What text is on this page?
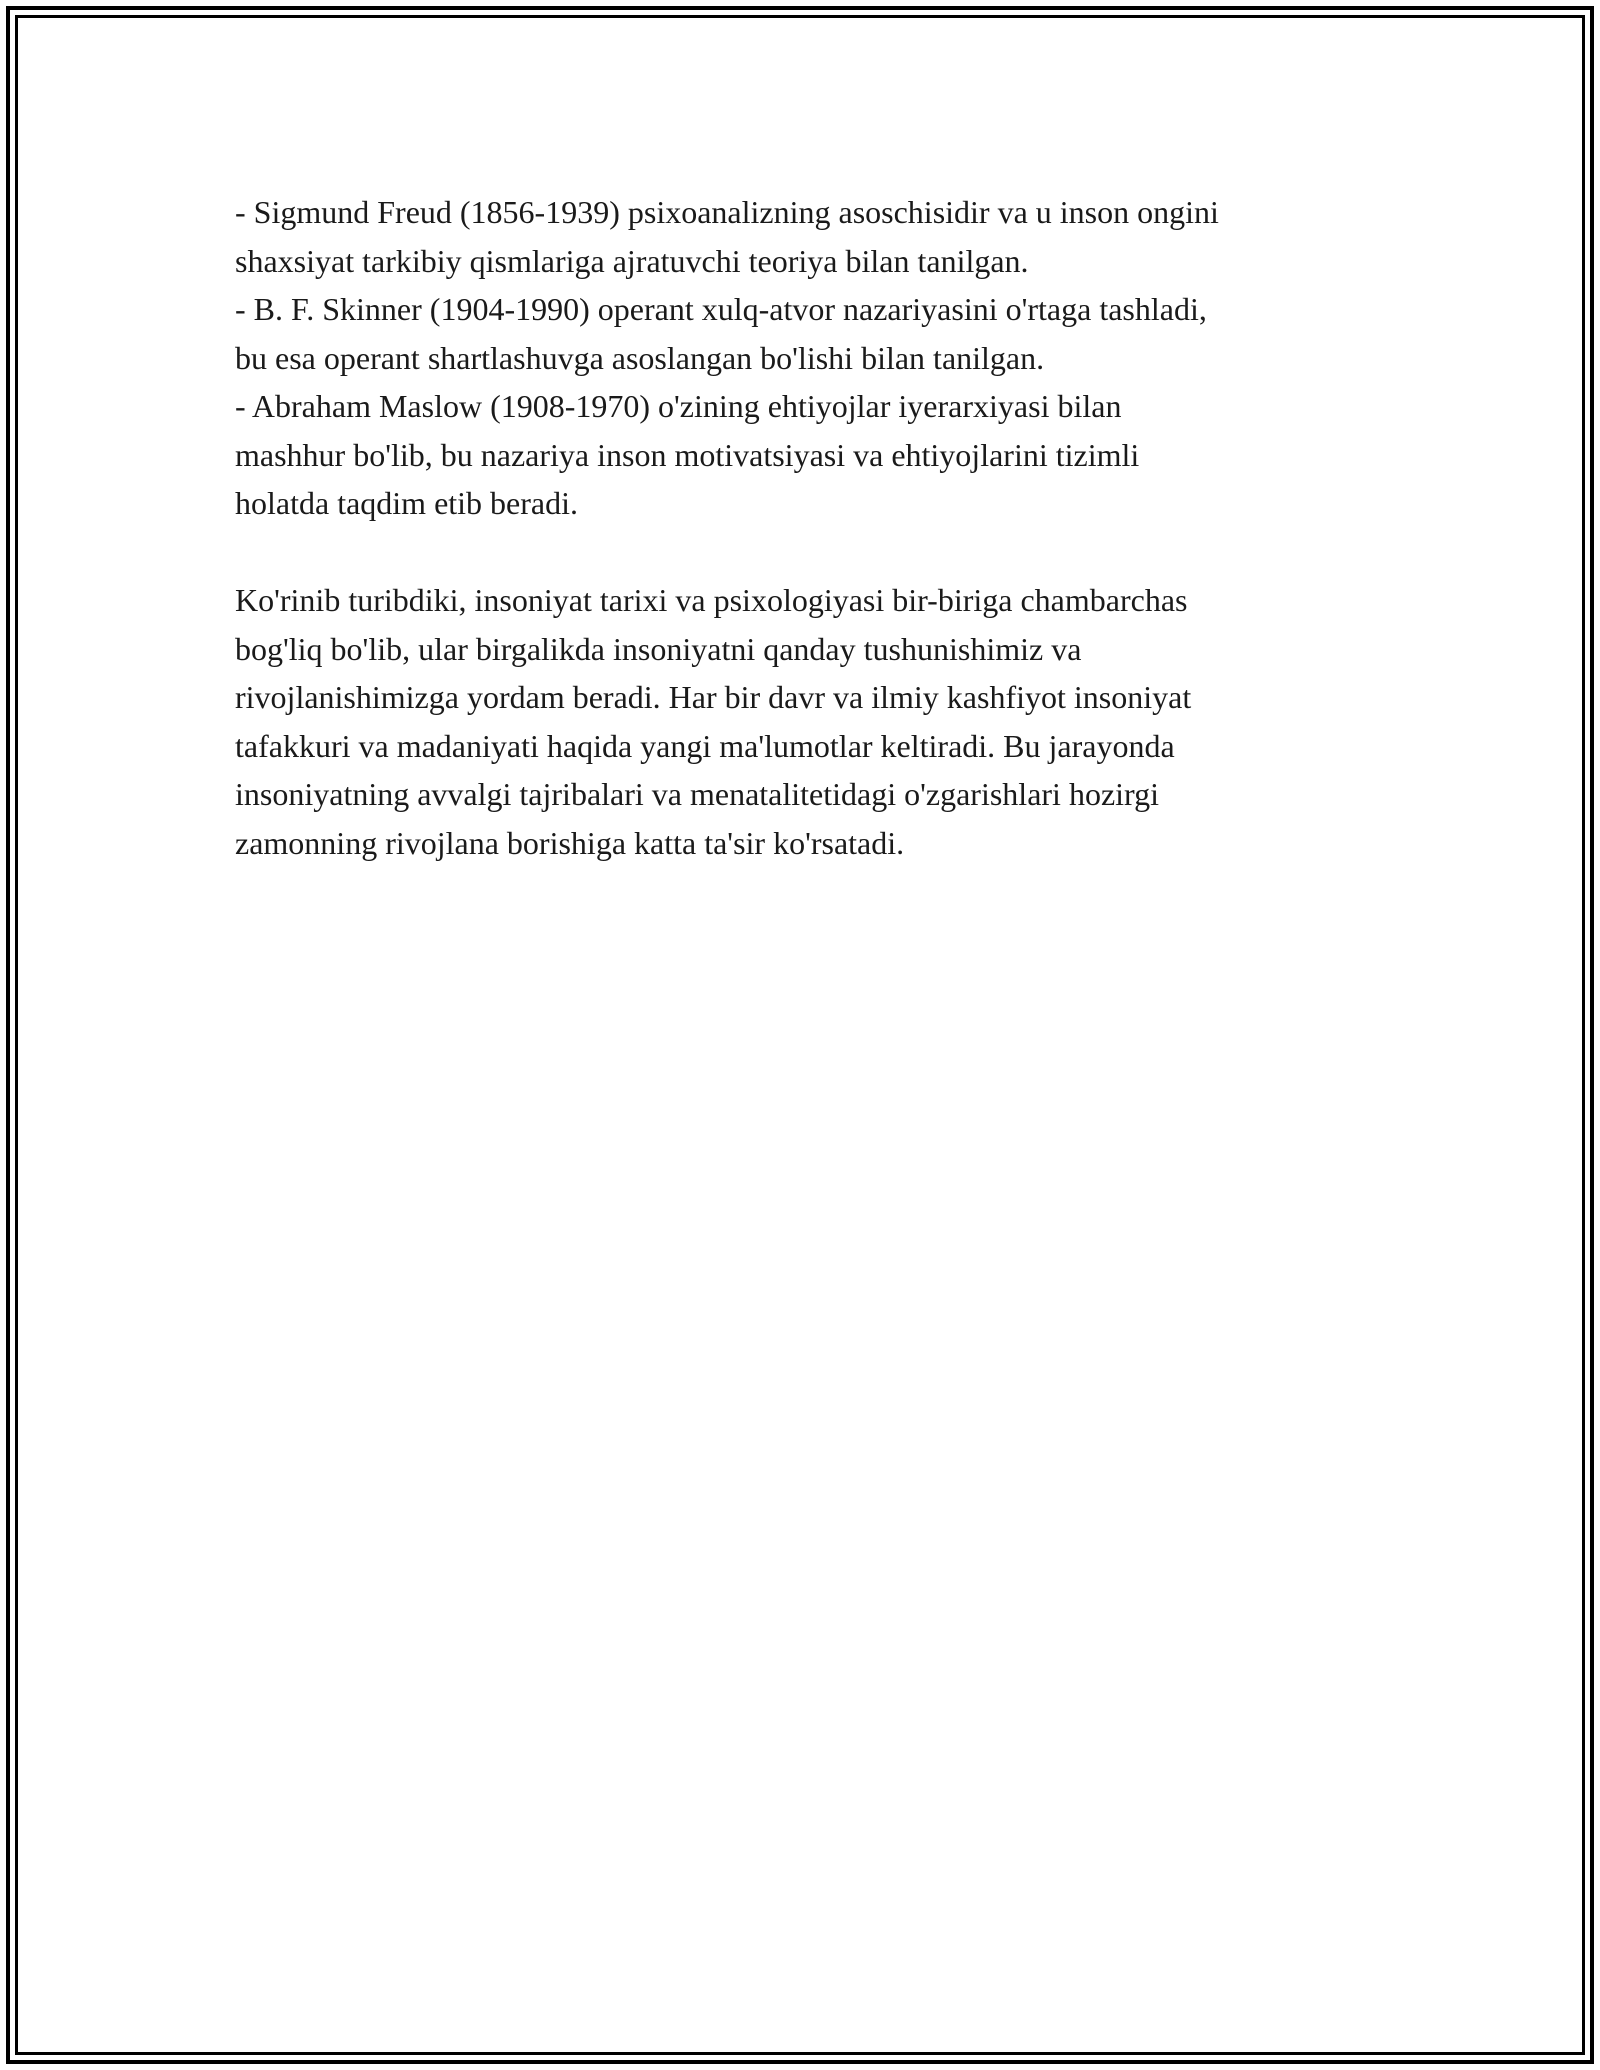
- Sigmund Freud (1856-1939) psixoanalizning asoschisidir va u inson ongini
shaxsiyat tarkibiy qismlariga ajratuvchi teoriya bilan tanilgan.
- B. F. Skinner (1904-1990) operant xulq-atvor nazariyasini o'rtaga tashladi,
bu esa operant shartlashuvga asoslangan bo'lishi bilan tanilgan.
- Abraham Maslow (1908-1970) o'zining ehtiyojlar iyerarxiyasi bilan
mashhur bo'lib, bu nazariya inson motivatsiyasi va ehtiyojlarini tizimli
holatda taqdim etib beradi.
Ko'rinib turibdiki, insoniyat tarixi va psixologiyasi bir-biriga chambarchas
bog'liq bo'lib, ular birgalikda insoniyatni qanday tushunishimiz va
rivojlanishimizga yordam beradi. Har bir davr va ilmiy kashfiyot insoniyat
tafakkuri va madaniyati haqida yangi ma'lumotlar keltiradi. Bu jarayonda
insoniyatning avvalgi tajribalari va menatalitetidagi o'zgarishlari hozirgi
zamonning rivojlana borishiga katta ta'sir ko'rsatadi.
